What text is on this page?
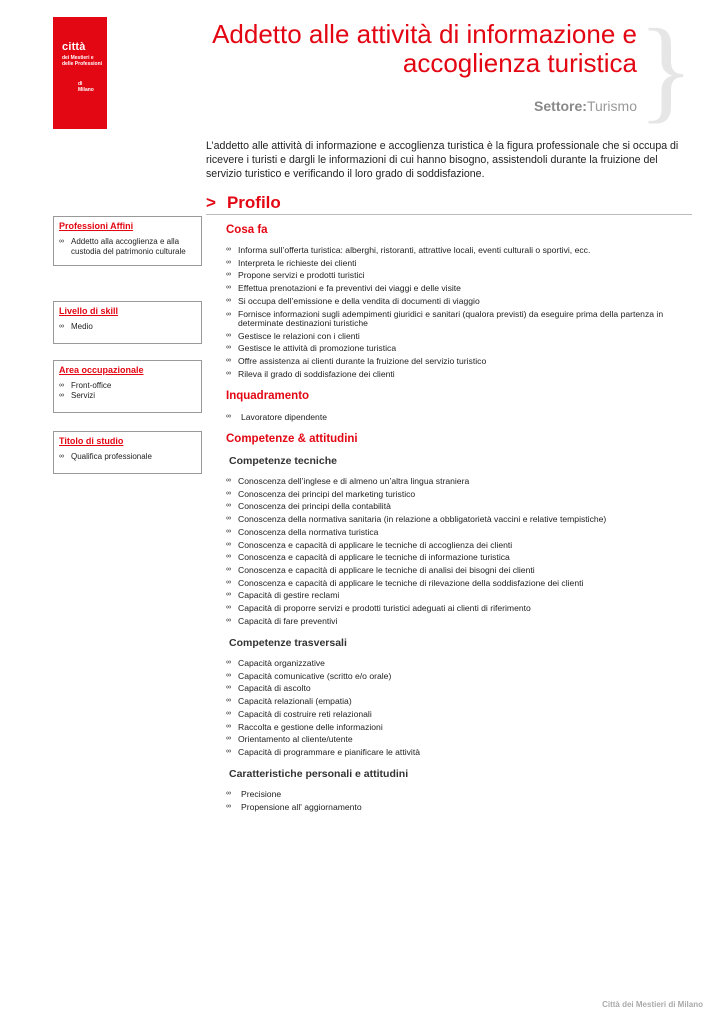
città
dei Mestieri e delle Professioni
di
Milano	}
Addetto alle attività di informazione e
accoglienza turistica
Settore:Turismo

L’addetto alle attività di informazione e accoglienza turistica è la figura professionale che si occupa di ricevere i turisti e dargli le informazioni di cui hanno bisogno, assistendoli durante la fruizione del servizio turistico e verificando il loro grado di soddisfazione.

> Profilo
Professioni Affini
∞ Addetto alla accoglienza e alla custodia del patrimonio culturale
Livello di skill
∞ Medio
Area occupazionale
∞ Front-office
∞ Servizi
Titolo di studio
∞ Qualifica professionale
Cosa fa
∞ Informa sull’offerta turistica: alberghi, ristoranti, attrattive locali, eventi culturali o sportivi, ecc.
∞ Interpreta le richieste dei clienti
∞ Propone servizi e prodotti turistici
∞ Effettua prenotazioni e fa preventivi dei viaggi e delle visite
∞ Si occupa dell’emissione e della vendita di documenti di viaggio
∞ Fornisce informazioni sugli adempimenti giuridici e sanitari (qualora previsti) da eseguire prima della partenza in determinate destinazioni turistiche
∞ Gestisce le relazioni con i clienti
∞ Gestisce le attività di promozione turistica
∞ Offre assistenza ai clienti durante la fruizione del servizio turistico
∞ Rileva il grado di soddisfazione dei clienti
Inquadramento
∞ Lavoratore dipendente
Competenze & attitudini
Competenze tecniche
∞ Conoscenza dell’inglese e di almeno un’altra lingua straniera
∞ Conoscenza dei principi del marketing turistico
∞ Conoscenza dei principi della contabilità
∞ Conoscenza della normativa sanitaria (in relazione a obbligatorietà vaccini e relative tempistiche)
∞ Conoscenza della normativa turistica
∞ Conoscenza e capacità di applicare le tecniche di accoglienza dei clienti
∞ Conoscenza e capacità di applicare le tecniche di informazione turistica
∞ Conoscenza e capacità di applicare le tecniche di analisi dei bisogni dei clienti
∞ Conoscenza e capacità di applicare le tecniche di rilevazione della soddisfazione dei clienti
∞ Capacità di gestire reclami
∞ Capacità di proporre servizi e prodotti turistici adeguati ai clienti di riferimento
∞ Capacità di fare preventivi
Competenze trasversali
∞ Capacità organizzative
∞ Capacità comunicative (scritto e/o orale)
∞ Capacità di ascolto
∞ Capacità relazionali (empatia)
∞ Capacità di costruire reti relazionali
∞ Raccolta e gestione delle informazioni
∞ Orientamento al cliente/utente
∞ Capacità di programmare e pianificare le attività
Caratteristiche personali e attitudini
∞ Precisione
∞ Propensione all' aggiornamento
Città dei Mestieri di Milano
